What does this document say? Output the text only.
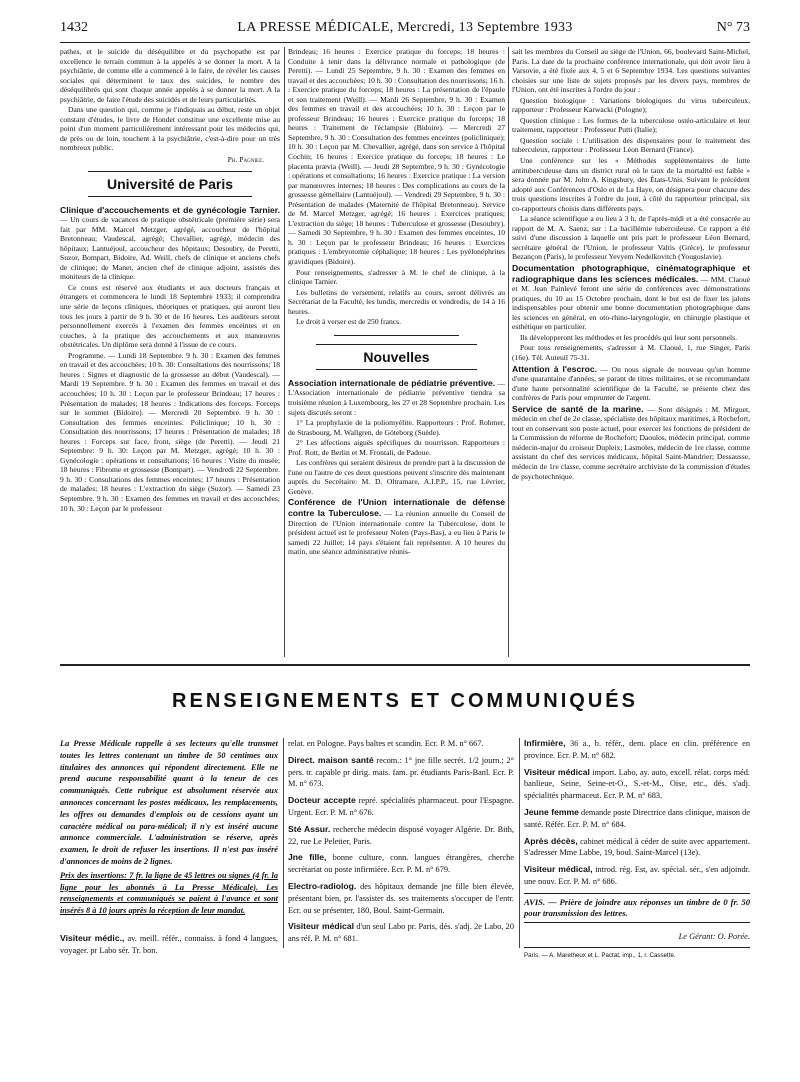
1432	LA PRESSE MÉDICALE, Mercredi, 13 Septembre 1933	N° 73

pathes, et le suicide du déséquilibre et du psychopathe est par excellence le terrain commun à la appelés à se donner la mort. A la psychiâtrie, de comme elle a commencé à le faire, de révéler les causes sociales qui déterminent le taux des suicides, le nombre des déséquilibrés qui sont chaque année appelés à se donner la mort. A la psychiâtrie, de faire l'étude des suicidés et de leurs particularités.

Dans une question qui, comme je l'indiquais au début, reste un objet constant d'études, le livre de Hondet constitue une excellente mise au point d'un moment particulièrement intéressant pour les médecins qui, de près ou de loin, touchent à la psychiâtrie, c'est-à-dire pour un très nombreux public.

Ph. Pagniez.
Université de Paris

Clinique d'accouchements et de gynécologie Tarnier. — Un cours de vacances de pratique obstétricale (première série) sera fait par MM. Marcel Metzger, agrégé, accoucheur de l'hôpital Bretonneau; Vaudescal, agrégé; Chevallier, agrégé, médecin des hôpitaux; Lantuéjoul, accoucheur des hôpitaux; Desoubry, de Peretti, Suzor, Bompart, Bidoire, Ad. Weill, chefs de clinique et anciens chefs de clinique; de Manet, ancien chef de clinique adjoint, assistés des moniteurs de la clinique.

Ce cours est réservé aux étudiants et aux docteurs français et étrangers et commencera le lundi 18 Septembre 1933; il comprendra une série de leçons cliniques, théoriques et pratiques, qui auront lieu tous les jours à partir de 9 h. 30 et de 16 heures. Les auditeurs seront personnellement exercés à l'examen des femmes enceintes et en couches, à la pratique des accouchements et aux manœuvres obstétricales. Un diplôme sera donné à l'issue de ce cours.

Programme. — Lundi 18 Septembre. 9 h. 30 : Examen des femmes en travail et des accouchées; 10 h. 30: Consultations des nourrissons; 18 heures : Signes et diagnostic de la grossesse au début (Vaudescal). — Mardi 19 Septembre. 9 h. 30 : Examen des femmes en travail et des accouchées; 10 h. 30 : Leçon par le professeur Brindeau; 17 heures : Présentation de malades; 18 heures : Indications des forceps. Forceps sur le sommet (Bidoire). — Mercredi 20 Septembre. 9 h. 30 : Consultation des femmes enceintes. Policlinique; 10 h. 30 : Consultation des nourrissons; 17 heures : Présentation de malades; 18 heures : Forceps sur face, front, siège (de Peretti). — Jeudi 21 Septembre: 9 h. 30: Leçon par M. Metzger, agrégé; 10 h. 30 : Gynécologie : opérations et consultations; 16 heures : Visite du musée; 18 heures : Fibrome et grossesse (Bompart). — Vendredi 22 Septembre. 9 h. 30 : Consultations des femmes enceintes; 17 heures : Présentation de malades; 18 heures : L'extraction du siège (Suzor). — Samedi 23 Septembre. 9 h. 30 : Examen des femmes en travail et des accouchées; 10 h. 30 : Leçon par le professeur

Brindeau; 16 heures : Exercice pratique du forceps; 18 heures : Conduite à tenir dans la délivrance normale et pathologique (de Peretti). — Lundi 25 Septembre, 9 h. 30 : Examen des femmes en travail et des accouchées; 10 h. 30 : Consultation des nourrissons; 16 h. : Exercice pratique du forceps; 18 heures : La présentation de l'épaule et son traitement (Weill). — Mardi 26 Septembre, 9 h. 30 : Examen des femmes en travail et des accouchées; 10 h. 30 : Leçon par le professeur Brindeau; 16 heures : Exercice pratique du forceps; 18 heures : Traitement de l'éclampsie (Bidoire). — Mercredi 27 Septembre, 9 h. 30 : Consultation des femmes enceintes (policlinique); 10 h. 30 : Leçon par M. Chevallier, agrégé, dans son service à l'hôpital Cochin; 16 heures : Exercice pratique du forceps; 18 heures : Le placenta prævia (Weill). — Jeudi 28 Septembre, 9 h. 30 : Gynécologie : opérations et consultations; 16 heures : Exercice pratique : La version par manœuvres internes; 18 heures : Des complications au cours de la grossesse gémellaire (Lantuéjoul). — Vendredi 29 Septembre, 9 h. 30 : Présentation de malades (Maternité de l'hôpital Bretonneau). Service de M. Marcel Metzger, agrégé; 16 heures : Exercices pratiques; L'extraction du siège; 18 heures : Tuberculose et grossesse (Desoubry). — Samedi 30 Septembre, 9 h. 30 : Examen des femmes enceintes, 10 h. 30 : Leçon par le professeur Brindeau; 16 heures : Exercices pratiques : L'embryotomie céphalique; 18 heures : Les pyélonéphrites gravidiques (Bidoire).

Pour renseignements, s'adresser à M. le chef de clinique, à la clinique Tarnier.

Les bulletins de versement, relatifs au cours, seront délivrés au Secrétariat de la Faculté, les lundis, mercredis et vendredis, de 14 à 16 heures.

Le droit à verser est de 250 francs.

Nouvelles

Association internationale de pédiatrie préventive. — L'Association internationale de pédiatrie préventive tiendra sa troisième réunion à Luxembourg, les 27 et 28 Septembre prochain. Les sujets discutés seront :

1° La prophylaxie de la poliomyélite. Rapporteurs : Prof. Rohmer, de Strasbourg, M. Wallgren, de Göteborg (Suède).

2° Les affections aiguës spécifiques du nourrisson. Rapporteurs : Prof. Rott, de Berlin et M. Frontali, de Padoue.

Les confrères qui seraient désireux de prendre part à la discussion de l'une ou l'autre de ces deux questions peuvent s'inscrire dès maintenant auprès du Secrétaire: M. D. Oltramare, A.I.P.P., 15, rue Lévrier, Genève.

Conférence de l'Union internationale de défense contre la Tuberculose. — La réunion annuelle du Conseil de Direction de l'Union internationale contre la Tuberculose, dont le président actuel est le professeur Nolen (Pays-Bas), a eu lieu à Paris le samedi 22 Juillet; 14 pays s'étaient fait représenter. A 10 heures du matin, une séance administrative réunis-

sait les membres du Conseil au siège de l'Union, 66, boulevard Saint-Michel, Paris. La date de la prochaine conférence internationale, qui doit avoir lieu à Varsovie, a été fixée aux 4, 5 et 6 Septembre 1934. Les questions suivantes choisies sur une liste de sujets proposés par les divers pays, membres de l'Union, ont été inscrites à l'ordre du jour :

Question biologique : Variations biologiques du virus tuberculeux, rapporteur : Professeur Karwacki (Pologne);

Question clinique : Les formes de la tuberculose ostéo-articulaire et leur traitement, rapporteur : Professeur Putti (Italie);

Question sociale : L'utilisation des dispensaires pour le traitement des tuberculeux, rapporteur : Professeur Léon Bernard (France).

Une conférence sur les « Méthodes supplémentaires de lutte antituberculeuse dans un district rural où le taux de la mortalité est faible » sera donnée par M. John A. Kingsbury, des États-Unis. Suivant le précédent adopté aux Conférences d'Oslo et de La Haye, on désignera pour chacune des trois questions inscrites à l'ordre du jour, à côté du rapporteur principal, six co-rapporteurs choisis dans différents pays.

La séance scientifique a eu lieu à 3 h. de l'après-midi et a été consacrée au rapport de M. A. Saenz, sur : La bacillémie tuberculeuse. Ce rapport a été suivi d'une discussion à laquelle ont pris part le professeur Léon Bernard, secrétaire général de l'Union, le professeur Valtis (Grèce), le professeur Bezançon (Paris), le professeur Yevyem Nedelkovitch (Yougoslavie).

Documentation photographique, cinématographique et radiographique dans les sciences médicales. — MM. Claoué et M. Jean Painlevé feront une série de conférences avec démonstrations pratiques, du 10 au 15 Octobre prochain, dont le but est de fixer les jalons indispensables pour obtenir une bonne documentation photographique dans les sciences en général, en oto-rhino-laryngologie, en chirurgie plastique et esthétique en particulier.

Ils développeront les méthodes et les procédés qui leur sont personnels.

Pour tous renseignements, s'adresser à M. Claoué, 1, rue Singer, Paris (16e). Tél. Auteuil 75-31.

Attention à l'escroc. — On nous signale de nouveau qu'un homme d'une quarantaine d'années, se parant de titres militaires, et se recommandant d'une haute personnalité scientifique de la Faculté, se présente chez des confrères de Paris pour emprunter de l'argent.

Service de santé de la marine. — Sont désignés : M. Mirguet, médecin en chef de 2e classe, spécialiste des hôpitaux maritimes, à Rochefort, tout en conservant son poste actuel, pour exercer les fonctions de président de la Commission de réforme de Rochefort; Daoulos, médecin principal, comme médecin-major du croiseur Dupleix; Lasmoles, médecin de 1re classe, comme assistant du chef des services médicaux, hôpital Saint-Mandrier; Dessausse, médecin de 1re classe, comme secrétaire archiviste de la commission d'études de psychotechnique.

RENSEIGNEMENTS ET COMMUNIQUÉS

La Presse Médicale rappelle à ses lecteurs qu'elle transmet toutes les lettres contenant un timbre de 50 centimes aux titulaires des annonces qui répondent directement. Elle ne prend aucune responsabilité quant à la teneur de ces communiqués. Cette rubrique est absolument réservée aux annonces concernant les postes médicaux, les remplacements, les offres ou demandes d'emplois ou de cessions ayant un caractère médical ou para-médical; il n'y est inséré aucune annonce commerciale. L'administration se réserve, après examen, le droit de refuser les insertions. Il n'est pas inséré d'annonces de moins de 2 lignes.

Prix des insertions: 7 fr. la ligne de 45 lettres ou signes (4 fr. la ligne pour les abonnés à La Presse Médicale). Les renseignements et communiqués se paient à l'avance et sont insérés 8 à 10 jours après la réception de leur mandat.

Visiteur médic., av. meill. référ., connaiss. à fond 4 langues, voyager. pr Labo sér. Tr. bon.

relat. en Pologne. Pays baltes et scandin. Ecr. P. M. n° 667.

Direct. maison santé recom.: 1° jne fille secrét. 1/2 journ.; 2° pers. tr. capable pr dirig. mais. fam. pr. étudiants Paris-Banl. Ecr. P. M. n° 673.

Docteur accepte repré. spécialités pharmaceut. pour l'Espagne. Urgent. Ecr. P. M. n° 676.

Sté Assur. recherche médecin disposé voyager Algérie. Dr. Bith, 22, rue Le Peletier, Paris.

Jne fille, bonne culture, conn. langues étrangères, cherche secrétariat ou poste infirmière. Ecr. P. M. n° 679.

Electro-radiolog. des hôpitaux demande jne fille bien élevée, présentant bien, pr. l'assister ds. ses traitements s'occuper de l'entr. Ecr. ou se présenter, 180, Boul. Saint-Germain.

Visiteur médical d'un seul Labo pr. Paris, dés. s'adj. 2e Labo, 20 ans réf. P. M. n° 681.

Infirmière, 36 a., b. référ., dem. place en clin. préférence en province. Ecr. P. M. n° 682.

Visiteur médical import. Labo, ay. auto, excell. rélat. corps méd. banlieue, Seine, Seine-et-O., S.-et-M., Oise, etc., dés. s'adj. spécialités pharmaceut. Ecr. P. M. n° 683.

Jeune femme demande poste Directrice dans clinique, maison de santé. Référ. Ecr. P. M. n° 684.

Après décès, cabinet médical à céder de suite avec appartement. S'adresser Mme Labbe, 19, boul. Saint-Marcel (13e).

Visiteur médical, introd. rég. Est, av. spécial. sér., s'en adjoindr. une nouv. Ecr. P. M. n° 686.

AVIS. — Prière de joindre aux réponses un timbre de 0 fr. 50 pour transmission des lettres.
Le Gérant: O. Porée.
Paris. — A. Maretheux et L. Pactat, imp., 1, r. Cassette.
